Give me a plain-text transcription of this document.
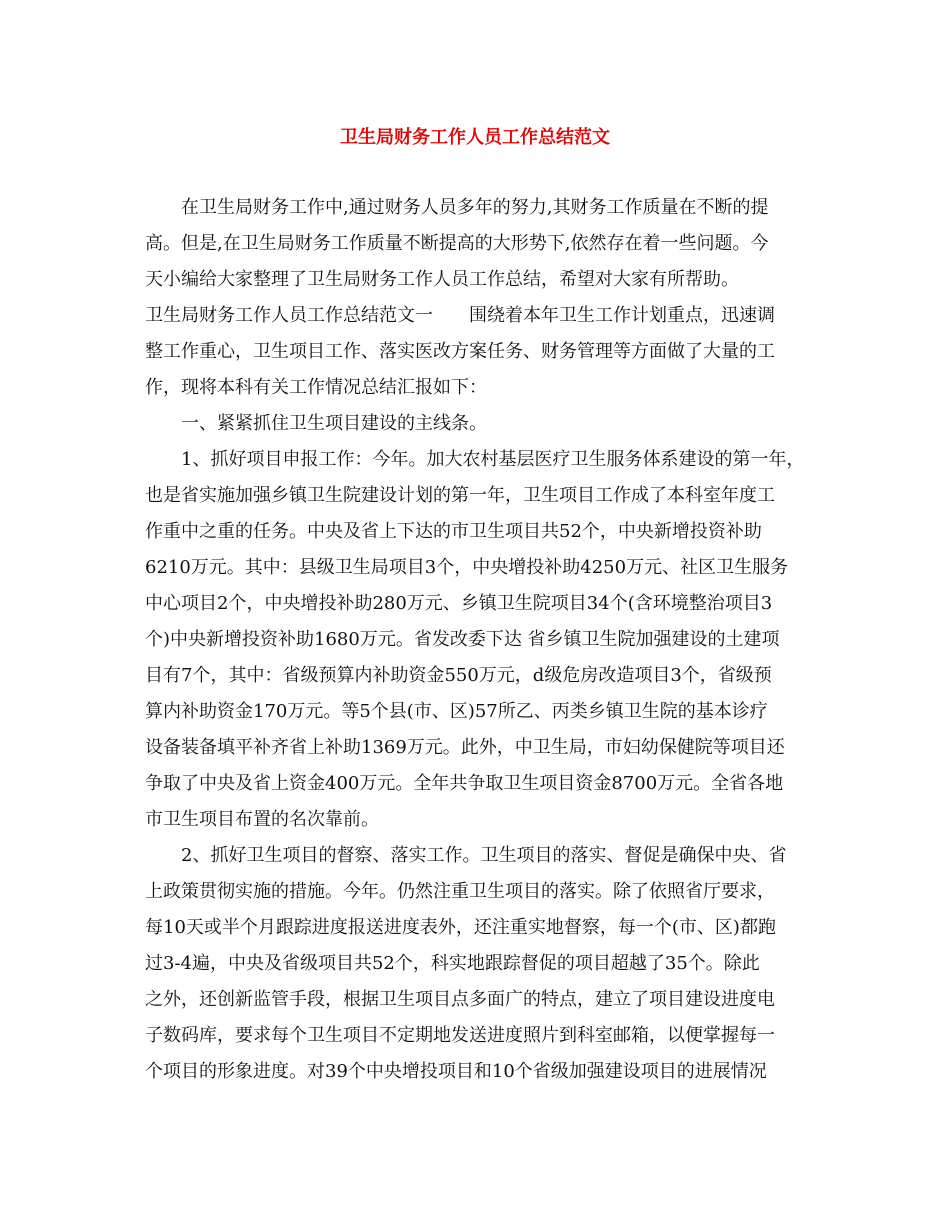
卫生局财务工作人员工作总结范文
　　在卫生局财务工作中,通过财务人员多年的努力,其财务工作质量在不断的提
高。但是,在卫生局财务工作质量不断提高的大形势下,依然存在着一些问题。今
天小编给大家整理了卫生局财务工作人员工作总结，希望对大家有所帮助。
卫生局财务工作人员工作总结范文一　　围绕着本年卫生工作计划重点，迅速调
整工作重心，卫生项目工作、落实医改方案任务、财务管理等方面做了大量的工
作，现将本科有关工作情况总结汇报如下：
　　一、紧紧抓住卫生项目建设的主线条。
　　1、抓好项目申报工作：今年。加大农村基层医疗卫生服务体系建设的第一年，
也是省实施加强乡镇卫生院建设计划的第一年，卫生项目工作成了本科室年度工
作重中之重的任务。中央及省上下达的市卫生项目共52个，中央新增投资补助
6210万元。其中：县级卫生局项目3个，中央增投补助4250万元、社区卫生服务
中心项目2个，中央增投补助280万元、乡镇卫生院项目34个(含环境整治项目3
个)中央新增投资补助1680万元。省发改委下达 省乡镇卫生院加强建设的土建项
目有7个，其中：省级预算内补助资金550万元，d级危房改造项目3个，省级预
算内补助资金170万元。等5个县(市、区)57所乙、丙类乡镇卫生院的基本诊疗
设备装备填平补齐省上补助1369万元。此外，中卫生局，市妇幼保健院等项目还
争取了中央及省上资金400万元。全年共争取卫生项目资金8700万元。全省各地
市卫生项目布置的名次靠前。
　　2、抓好卫生项目的督察、落实工作。卫生项目的落实、督促是确保中央、省
上政策贯彻实施的措施。今年。仍然注重卫生项目的落实。除了依照省厅要求，
每10天或半个月跟踪进度报送进度表外，还注重实地督察，每一个(市、区)都跑
过3-4遍，中央及省级项目共52个，科实地跟踪督促的项目超越了35个。除此
之外，还创新监管手段，根据卫生项目点多面广的特点，建立了项目建设进度电
子数码库，要求每个卫生项目不定期地发送进度照片到科室邮箱，以便掌握每一
个项目的形象进度。对39个中央增投项目和10个省级加强建设项目的进展情况
